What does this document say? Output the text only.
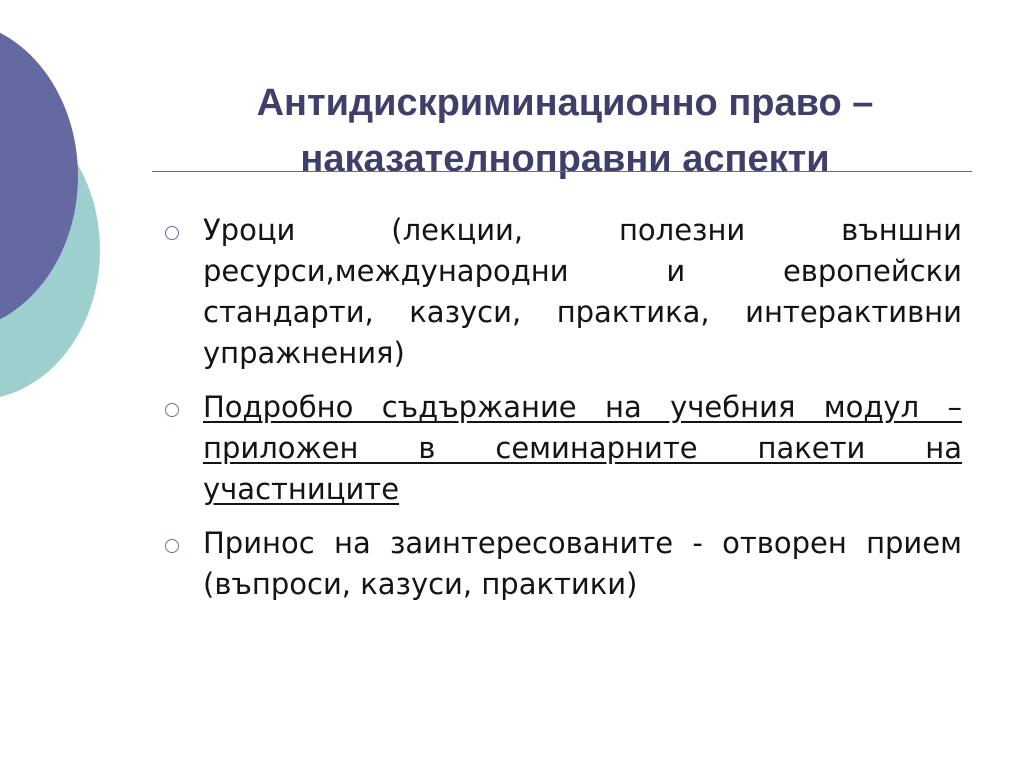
Антидискриминационно право –
наказателноправни аспекти
Уроци (лекции, полезни външни ресурси,международни и европейски стандарти, казуси, практика, интерактивни упражнения)
Подробно съдържание на учебния модул – приложен в семинарните пакети на участниците
Принос на заинтересованите - отворен прием (въпроси, казуси, практики)
